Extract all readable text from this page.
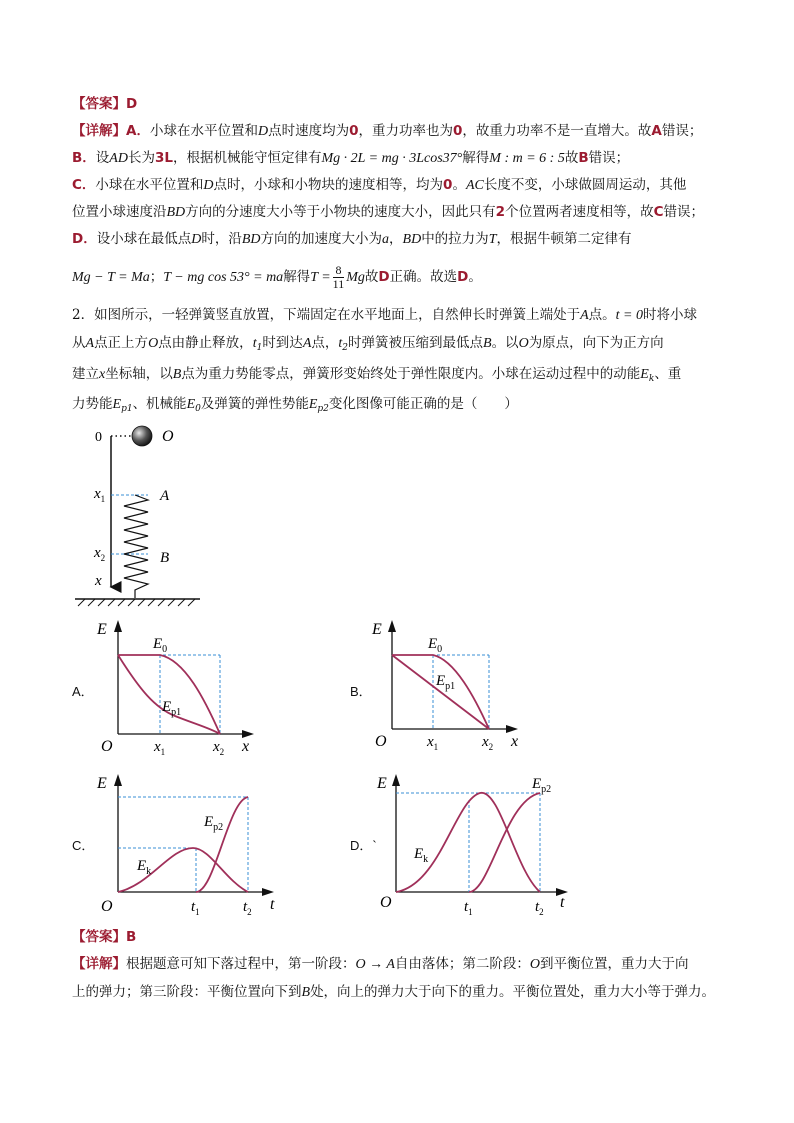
【答案】D
【详解】A．小球在水平位置和D点时速度均为0，重力功率也为0，故重力功率不是一直增大。故A错误；
B．设AD长为3L，根据机械能守恒定律有Mg · 2L = mg · 3Lcos37°解得M : m = 6 : 5故B错误；
C．小球在水平位置和D点时，小球和小物块的速度相等，均为0。AC长度不变，小球做圆周运动，其他
位置小球速度沿BD方向的分速度大小等于小物块的速度大小，因此只有2个位置两者速度相等，故C错误；
D．设小球在最低点D时，沿BD方向的加速度大小为a，BD中的拉力为T，根据牛顿第二定律有
Mg − T = Ma；T − mg cos 53° = ma解得$T = \frac{8}{11}$ Mg故D正确。故选D。
2．如图所示，一轻弹簧竖直放置，下端固定在水平地面上，自然伸长时弹簧上端处于A点。t = 0时将小球
从A点正上方O点由静止释放，$t_1$时到达A点，$t_2$时弹簧被压缩到最低点B。以O为原点，向下为正方向
建立x坐标轴，以B点为重力势能零点，弹簧形变始终处于弹性限度内。小球在运动过程中的动能$E_k$、重
力势能$E_{p1}$、机械能$E_0$及弹簧的弹性势能$E_{p2}$变化图像可能正确的是（　　）
0	O
$x_1$	A
$x_2$	B
x
A．
E
$E_0$
$E_{p1}$
O	$x_1$	$x_2$ x
B．
E
$E_0$
$E_{p1}$
O	$x_1$	$x_2$ x
C．
E
$E_{p2}$
$E_k$
O	$t_1$	$t_2$ t
D．`
E	$E_{p2}$
$E_k$
O	$t_1$	$t_2$
t
【答案】B
【详解】根据题意可知下落过程中，第一阶段：O → A自由落体；第二阶段：O到平衡位置，重力大于向
上的弹力；第三阶段：平衡位置向下到B处，向上的弹力大于向下的重力。平衡位置处，重力大小等于弹力。
